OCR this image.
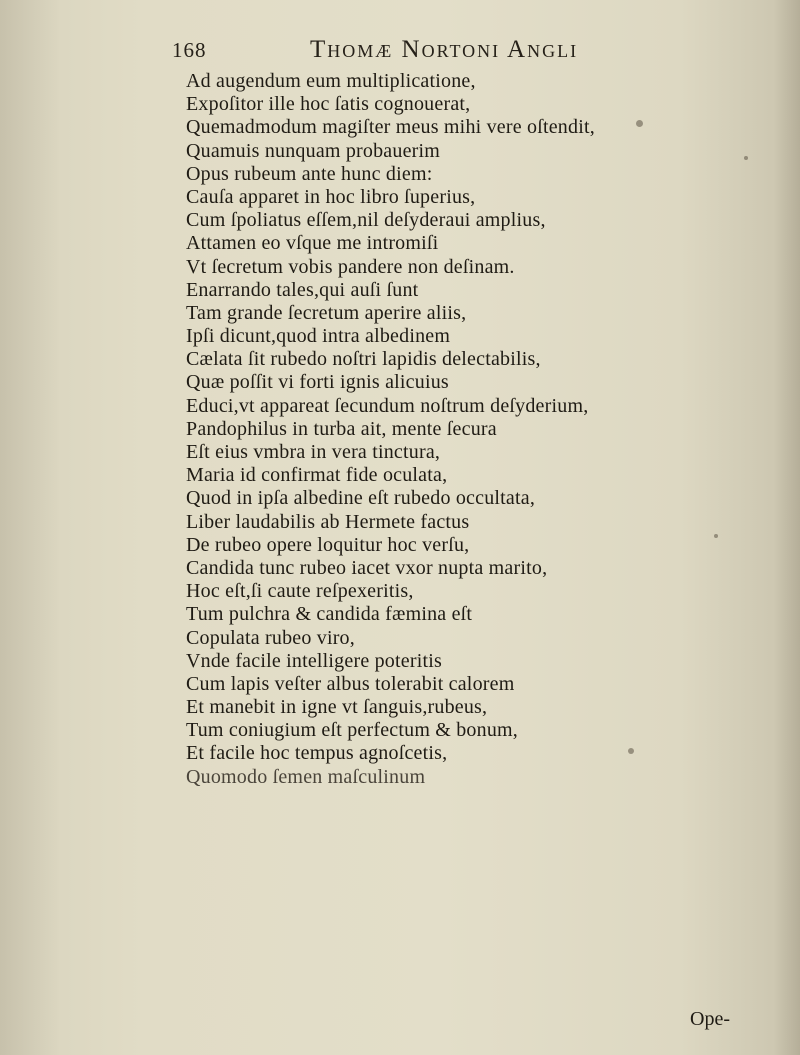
168	Thomæ Nortoni Angli
Ad augendum eum multiplicatione,
Expoſitor ille hoc ſatis cognouerat,
Quemadmodum magiſter meus mihi vere oſtendit,
Quamuis nunquam probauerim
Opus rubeum ante hunc diem:
Cauſa apparet in hoc libro ſuperius,
Cum ſpoliatus eſſem,nil deſyderaui amplius,
Attamen eo vſque me intromiſi
Vt ſecretum vobis pandere non deſinam.
Enarrando tales,qui auſi ſunt
Tam grande ſecretum aperire aliis,
Ipſi dicunt,quod intra albedinem
Cælata ſit rubedo noſtri lapidis delectabilis,
Quæ poſſit vi forti ignis alicuius
Educi,vt appareat ſecundum noſtrum deſyderium,
Pandophilus in turba ait, mente ſecura
Eſt eius vmbra in vera tinctura,
Maria id confirmat fide oculata,
Quod in ipſa albedine eſt rubedo occultata,
Liber laudabilis ab Hermete factus
De rubeo opere loquitur hoc verſu,
Candida tunc rubeo iacet vxor nupta marito,
Hoc eſt,ſi caute reſpexeritis,
Tum pulchra & candida fæmina eſt
Copulata rubeo viro,
Vnde facile intelligere poteritis
Cum lapis veſter albus tolerabit calorem
Et manebit in igne vt ſanguis,rubeus,
Tum coniugium eſt perfectum & bonum,
Et facile hoc tempus agnoſcetis,
Quomodo ſemen maſculinum
Ope-
